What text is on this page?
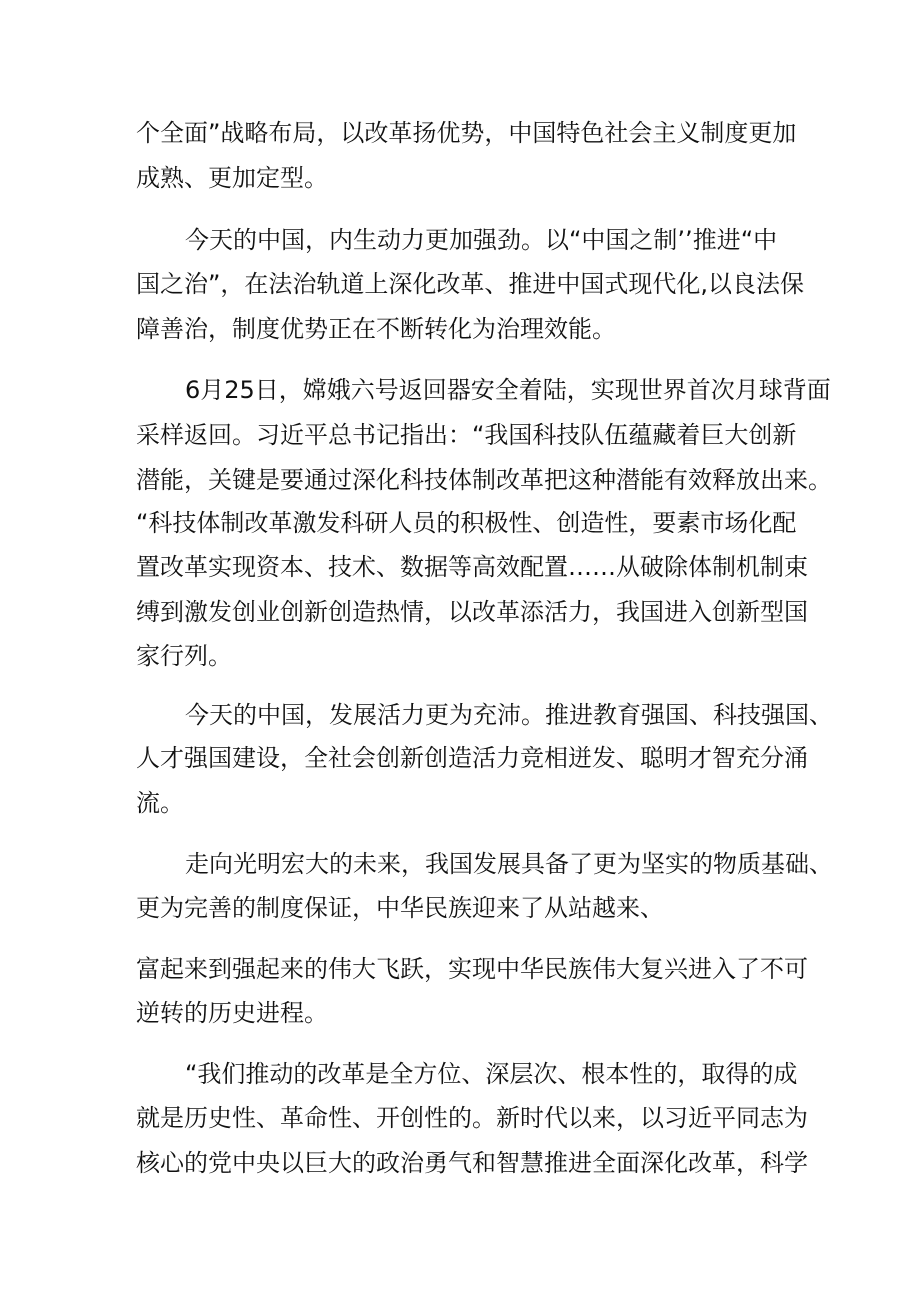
个全面”战略布局，以改革扬优势，中国特色社会主义制度更加
成熟、更加定型。
今天的中国，内生动力更加强劲。以“中国之制’’推进“中
国之治”，在法治轨道上深化改革、推进中国式现代化,以良法保
障善治，制度优势正在不断转化为治理效能。
6月25日，嫦娥六号返回器安全着陆，实现世界首次月球背面
采样返回。习近平总书记指出：“我国科技队伍蕴藏着巨大创新
潜能，关键是要通过深化科技体制改革把这种潜能有效释放出来。
“科技体制改革激发科研人员的积极性、创造性，要素市场化配
置改革实现资本、技术、数据等高效配置……从破除体制机制束
缚到激发创业创新创造热情，以改革添活力，我国进入创新型国
家行列。
今天的中国，发展活力更为充沛。推进教育强国、科技强国、
人才强国建设，全社会创新创造活力竞相迸发、聪明才智充分涌
流。
走向光明宏大的未来，我国发展具备了更为坚实的物质基础、
更为完善的制度保证，中华民族迎来了从站越来、
富起来到强起来的伟大飞跃，实现中华民族伟大复兴进入了不可
逆转的历史进程。
“我们推动的改革是全方位、深层次、根本性的，取得的成
就是历史性、革命性、开创性的。新时代以来，以习近平同志为
核心的党中央以巨大的政治勇气和智慧推进全面深化改革，科学
